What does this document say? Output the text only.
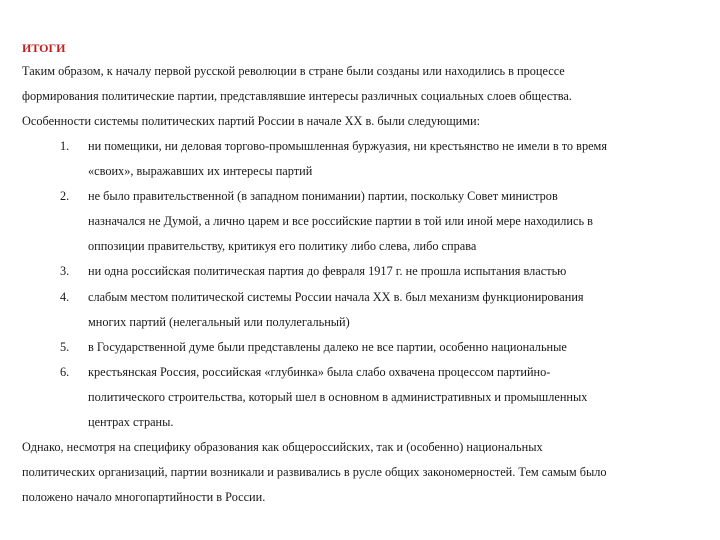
ИТОГИ
Таким образом, к началу первой русской революции в стране были созданы или находились в процессе
формирования политические партии, представлявшие интересы различных социальных слоев общества.
Особенности системы политических партий России в начале XX в. были следующими:
1. ни помещики, ни деловая торгово-промышленная буржуазия, ни крестьянство не имели в то время
«своих», выражавших их интересы партий
2. не было правительственной (в западном понимании) партии, поскольку Совет министров
назначался не Думой, а лично царем и все российские партии в той или иной мере находились в
оппозиции правительству, критикуя его политику либо слева, либо справа
3. ни одна российская политическая партия до февраля 1917 г. не прошла испытания властью
4. слабым местом политической системы России начала XX в. был механизм функционирования
многих партий (нелегальный или полулегальный)
5. в Государственной думе были представлены далеко не все партии, особенно национальные
6. крестьянская Россия, российская «глубинка» была слабо охвачена процессом партийно-
политического строительства, который шел в основном в административных и промышленных
центрах страны.
Однако, несмотря на специфику образования как общероссийских, так и (особенно) национальных
политических организаций, партии возникали и развивались в русле общих закономерностей. Тем самым было
положено начало многопартийности в России.
